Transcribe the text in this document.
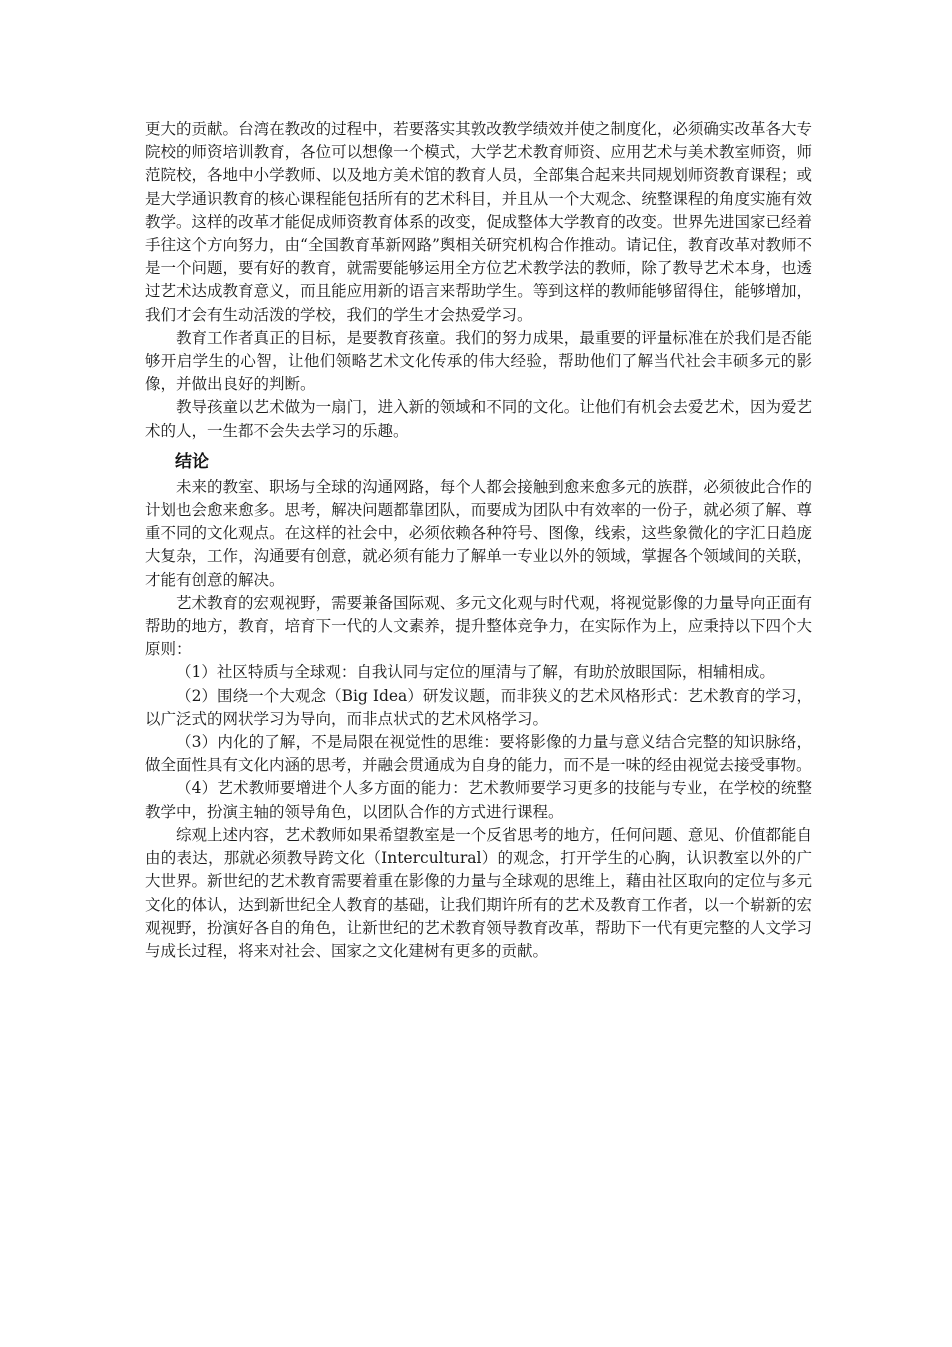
更大的贡献。台湾在教改的过程中，若要落实其敦改教学绩效并使之制度化，必须确实改革各大专院校的师资培训教育，各位可以想像一个模式，大学艺术教育师资、应用艺术与美术教室师资，师范院校，各地中小学教师、以及地方美术馆的教育人员，全部集合起来共同规划师资教育课程；或是大学通识教育的核心课程能包括所有的艺术科目，并且从一个大观念、统整课程的角度实施有效教学。这样的改革才能促成师资教育体系的改变，促成整体大学教育的改变。世界先进国家已经着手往这个方向努力，由“全国教育革新网路”舆相关研究机构合作推动。请记住，教育改革对教师不是一个问题，要有好的教育，就需要能够运用全方位艺术教学法的教师，除了教导艺术本身，也透过艺术达成教育意义，而且能应用新的语言来帮助学生。等到这样的教师能够留得住，能够增加，我们才会有生动活泼的学校，我们的学生才会热爱学习。

教育工作者真正的目标，是要教育孩童。我们的努力成果，最重要的评量标准在於我们是否能够开启学生的心智，让他们领略艺术文化传承的伟大经验，帮助他们了解当代社会丰硕多元的影像，并做出良好的判断。

教导孩童以艺术做为一扇门，进入新的领域和不同的文化。让他们有机会去爱艺术，因为爱艺术的人，一生都不会失去学习的乐趣。

结论

未来的教室、职场与全球的沟通网路，每个人都会接触到愈来愈多元的族群，必须彼此合作的计划也会愈来愈多。思考，解决问题都靠团队，而要成为团队中有效率的一份子，就必须了解、尊重不同的文化观点。在这样的社会中，必须依赖各种符号、图像，线索，这些象微化的字汇日趋庞大复杂，工作，沟通要有创意，就必须有能力了解单一专业以外的领域，掌握各个领域间的关联，才能有创意的解决。

艺术教育的宏观视野，需要兼备国际观、多元文化观与时代观，将视觉影像的力量导向正面有帮助的地方，教育，培育下一代的人文素养，提升整体竞争力，在实际作为上，应秉持以下四个大原则：

（1）社区特质与全球观：自我认同与定位的厘清与了解，有助於放眼国际，相辅相成。

（2）围绕一个大观念（Big Idea）研发议题，而非狭义的艺术风格形式：艺术教育的学习，以广泛式的网状学习为导向，而非点状式的艺术风格学习。

（3）内化的了解，不是局限在视觉性的思维：要将影像的力量与意义结合完整的知识脉络，做全面性具有文化内涵的思考，并融会贯通成为自身的能力，而不是一味的经由视觉去接受事物。

（4）艺术教师要增进个人多方面的能力：艺术教师要学习更多的技能与专业，在学校的统整教学中，扮演主轴的领导角色，以团队合作的方式进行课程。

综观上述内容，艺术教师如果希望教室是一个反省思考的地方，任何问题、意见、价值都能自由的表达，那就必须教导跨文化（Intercultural）的观念，打开学生的心胸，认识教室以外的广大世界。新世纪的艺术教育需要着重在影像的力量与全球观的思维上，藉由社区取向的定位与多元文化的体认，达到新世纪全人教育的基础，让我们期许所有的艺术及教育工作者，以一个崭新的宏观视野，扮演好各自的角色，让新世纪的艺术教育领导教育改革，帮助下一代有更完整的人文学习与成长过程，将来对社会、国家之文化建树有更多的贡献。
